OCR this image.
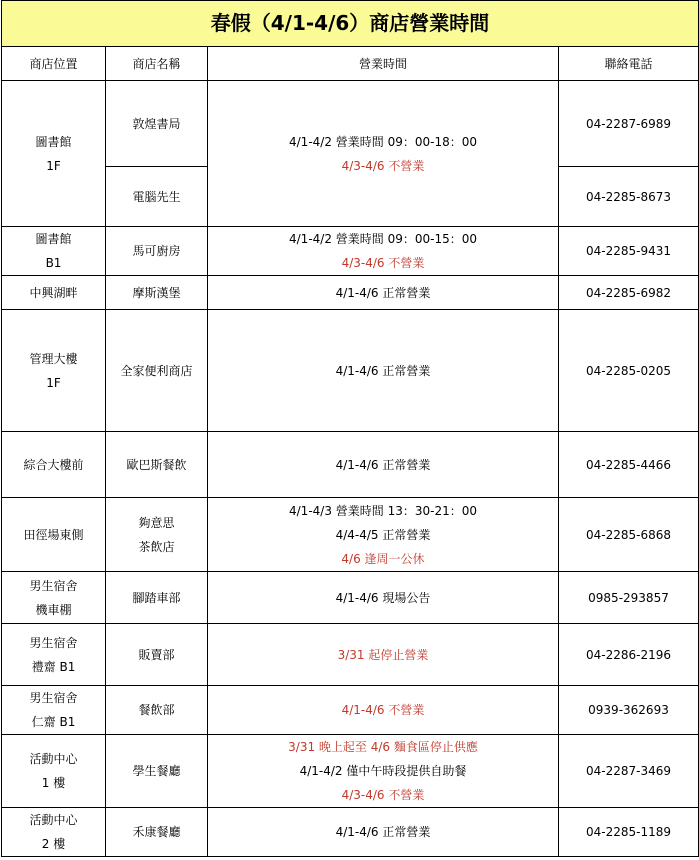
春假（4/1-4/6）商店營業時間			
商店位置	商店名稱	營業時間	聯絡電話

圖書館
1F	敦煌書局	4/1-4/2 營業時間 09：00-18：00
4/3-4/6 不營業	04-2287-6989
	電腦先生		04-2285-8673

圖書館
B1	馬可廚房	4/1-4/2 營業時間 09：00-15：00
4/3-4/6 不營業	04-2285-9431
中興湖畔	摩斯漢堡	4/1-4/6 正常營業	04-2285-6982

管理大樓
1F	全家便利商店	4/1-4/6 正常營業	04-2285-0205
綜合大樓前	歐巴斯餐飲	4/1-4/6 正常營業	04-2285-4466
田徑場東側	夠意思
茶飲店	4/1-4/3 營業時間 13：30-21：00
4/4-4/5 正常營業
4/6 逢周一公休	04-2285-6868

男生宿舍
機車棚	腳踏車部	4/1-4/6 現場公告	0985-293857

男生宿舍
禮齋 B1	販賣部	3/31 起停止營業	04-2286-2196

男生宿舍
仁齋 B1	餐飲部	4/1-4/6 不營業	0939-362693

活動中心
1 樓	學生餐廳	3/31 晚上起至 4/6 麵食區停止供應
4/1-4/2 僅中午時段提供自助餐
4/3-4/6 不營業	04-2287-3469

活動中心
2 樓	禾康餐廳	4/1-4/6 正常營業	04-2285-1189
